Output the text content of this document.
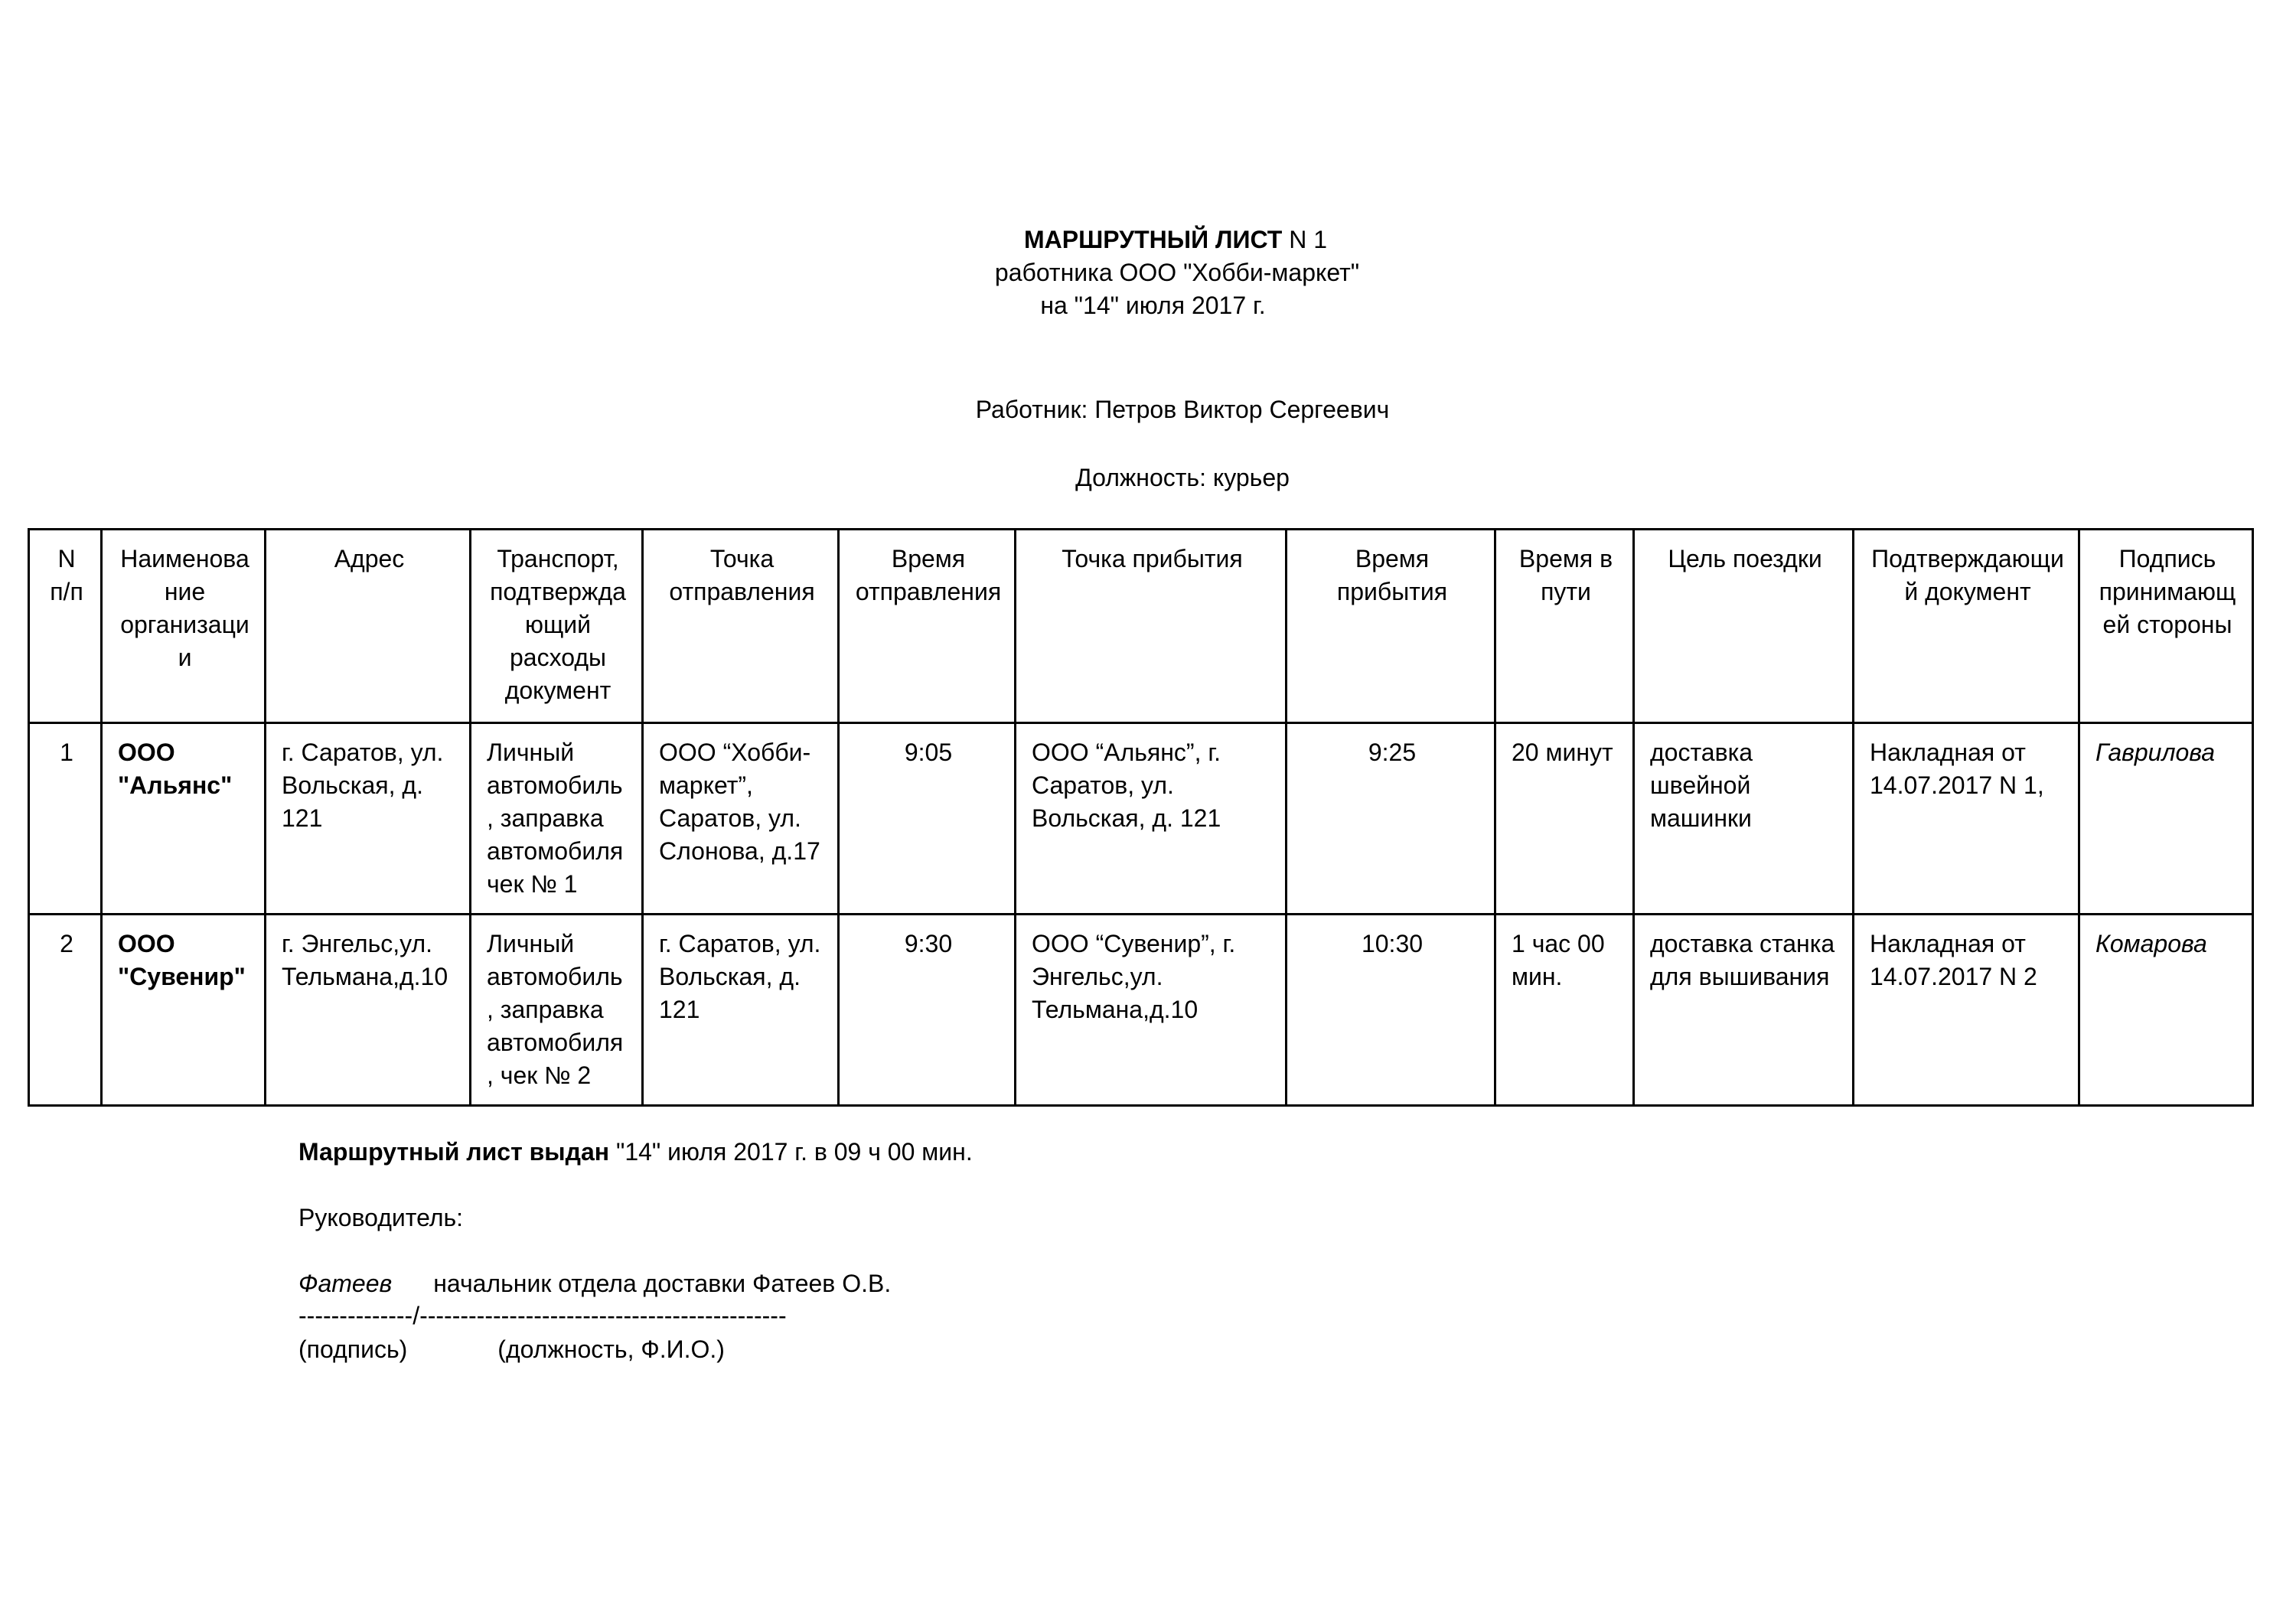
МАРШРУТНЫЙ ЛИСТ N 1
работника ООО "Хобби-маркет"
на "14" июля 2017 г.
Работник: Петров Виктор Сергеевич
Должность: курьер
N п/п	Наименование организации	Адрес	Транспорт, подтверждающий расходы документ	Точка отправления	Время отправления	Точка прибытия	Время прибытия	Время в пути	Цель поездки	Подтверждающий документ	Подпись принимающей стороны
1	ООО "Альянс"	г. Саратов, ул. Вольская, д. 121	Личный автомобиль, заправка автомобиля чек № 1	ООО “Хобби-маркет”, Саратов, ул. Слонова, д.17	9:05	ООО “Альянс”, г. Саратов, ул. Вольская, д. 121	9:25	20 минут	доставка швейной машинки	Накладная от 14.07.2017 N 1,	Гаврилова
2	ООО "Сувенир"	г. Энгельс,ул. Тельмана,д.10	Личный автомобиль, заправка автомобиля, чек № 2	г. Саратов, ул. Вольская, д. 121	9:30	ООО “Сувенир”, г. Энгельс,ул. Тельмана,д.10	10:30	1 час 00 мин.	доставка станка для вышивания	Накладная от 14.07.2017 N 2	Комарова
Маршрутный лист выдан "14" июля 2017 г. в 09 ч 00 мин.
Руководитель:
Фатеев начальник отдела доставки Фатеев О.В.
--------------/---------------------------------------------
(подпись)	(должность, Ф.И.О.)
